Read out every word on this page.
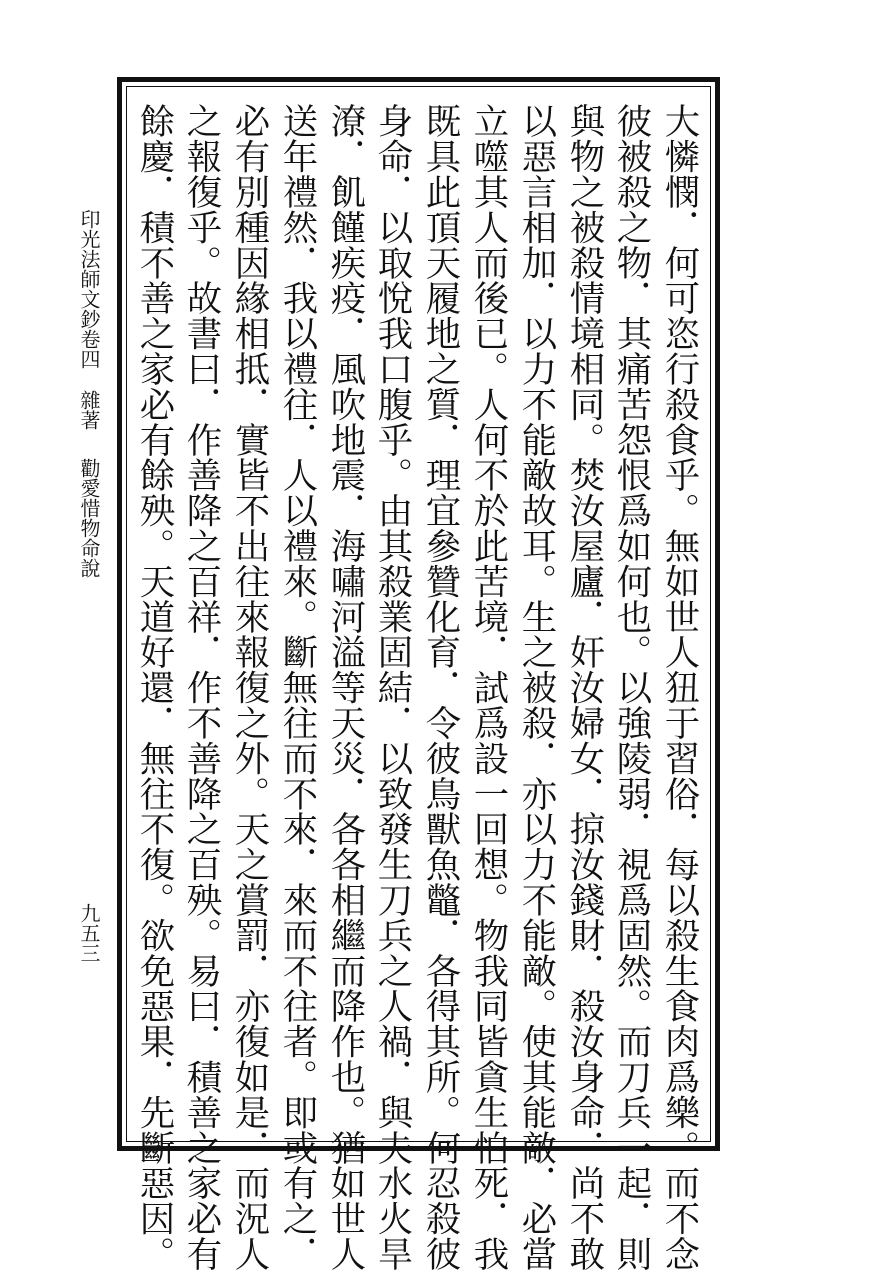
印光法師文鈔卷四
雜著
勸愛惜物命說
九五三	大憐憫．何可恣行殺食乎。無如世人狃于習俗．每以殺生食肉爲樂。而不念
彼被殺之物．其痛苦怨恨爲如何也。以強陵弱．視爲固然。而刀兵一起．則
與物之被殺情境相同。焚汝屋廬．奸汝婦女．掠汝錢財．殺汝身命．尚不敢
以惡言相加．以力不能敵故耳。生之被殺．亦以力不能敵。使其能敵．必當
立噬其人而後已。人何不於此苦境．試爲設一回想。物我同皆貪生怕死．我
既具此頂天履地之質．理宜參贊化育．令彼鳥獸魚鼈．各得其所。何忍殺彼
身命．以取悅我口腹乎。由其殺業固結．以致發生刀兵之人禍．與夫水火旱
潦．飢饉疾疫．風吹地震．海嘯河溢等天災．各各相繼而降作也。猶如世人
送年禮然．我以禮往．人以禮來。斷無往而不來．來而不往者。即或有之．
必有別種因緣相抵．實皆不出往來報復之外。天之賞罰．亦復如是．而況人
之報復乎。故書曰．作善降之百祥．作不善降之百殃。易曰．積善之家必有
餘慶．積不善之家必有餘殃。天道好還．無往不復。欲免惡果．先斷惡因。
